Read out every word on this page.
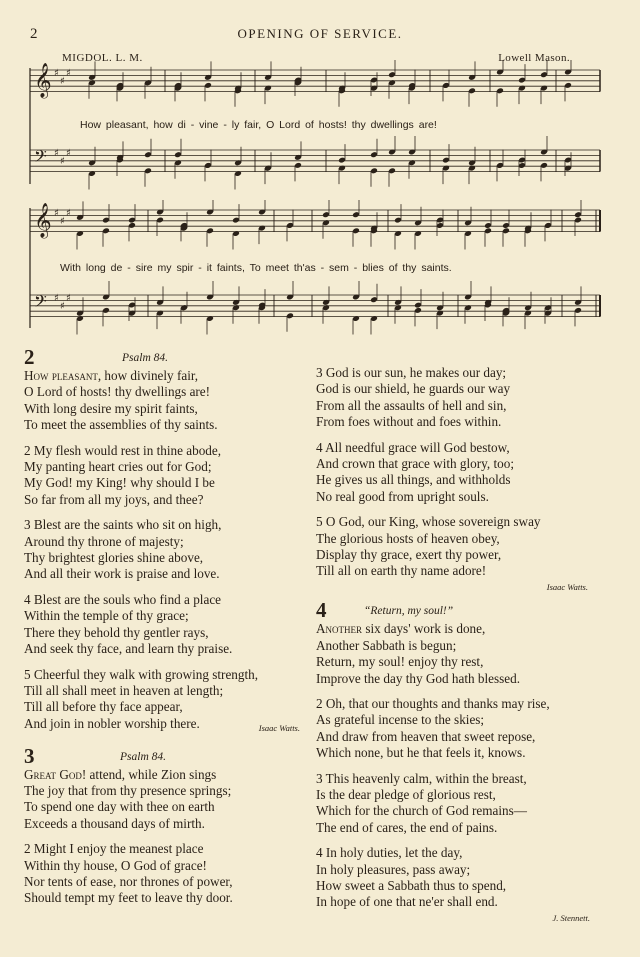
2	OPENING OF SERVICE.
MIGDOL. L. M.	Lowell Mason.
𝄞 ♯
♯
♯
𝄢 ♯
♯
♯
𝄞 ♯
♯
♯
𝄢 ♯
♯
♯
How pleasant, how di - vine - ly fair, O Lord of hosts! thy dwellings are!
With long de - sire my spir - it faints, To meet th'as - sem - blies of thy saints.
2	Psalm 84.
How pleasant, how divinely fair,
O Lord of hosts! thy dwellings are!
With long desire my spirit faints,
To meet the assemblies of thy saints.
2 My flesh would rest in thine abode,
My panting heart cries out for God;
My God! my King! why should I be
So far from all my joys, and thee?
3 Blest are the saints who sit on high,
Around thy throne of majesty;
Thy brightest glories shine above,
And all their work is praise and love.
4 Blest are the souls who find a place
Within the temple of thy grace;
There they behold thy gentler rays,
And seek thy face, and learn thy praise.
5 Cheerful they walk with growing strength,
Till all shall meet in heaven at length;
Till all before thy face appear,
And join in nobler worship there.	Isaac Watts.
3	Psalm 84.
Great God! attend, while Zion sings
The joy that from thy presence springs;
To spend one day with thee on earth
Exceeds a thousand days of mirth.
2 Might I enjoy the meanest place
Within thy house, O God of grace!
Nor tents of ease, nor thrones of power,
Should tempt my feet to leave thy door.
3 God is our sun, he makes our day;
God is our shield, he guards our way
From all the assaults of hell and sin,
From foes without and foes within.
4 All needful grace will God bestow,
And crown that grace with glory, too;
He gives us all things, and withholds
No real good from upright souls.
5 O God, our King, whose sovereign sway
The glorious hosts of heaven obey,
Display thy grace, exert thy power,
Till all on earth thy name adore!
Isaac Watts.
4	“Return, my soul!”
Another six days' work is done,
Another Sabbath is begun;
Return, my soul! enjoy thy rest,
Improve the day thy God hath blessed.
2 Oh, that our thoughts and thanks may rise,
As grateful incense to the skies;
And draw from heaven that sweet repose,
Which none, but he that feels it, knows.
3 This heavenly calm, within the breast,
Is the dear pledge of glorious rest,
Which for the church of God remains—
The end of cares, the end of pains.
4 In holy duties, let the day,
In holy pleasures, pass away;
How sweet a Sabbath thus to spend,
In hope of one that ne'er shall end.
J. Stennett.
